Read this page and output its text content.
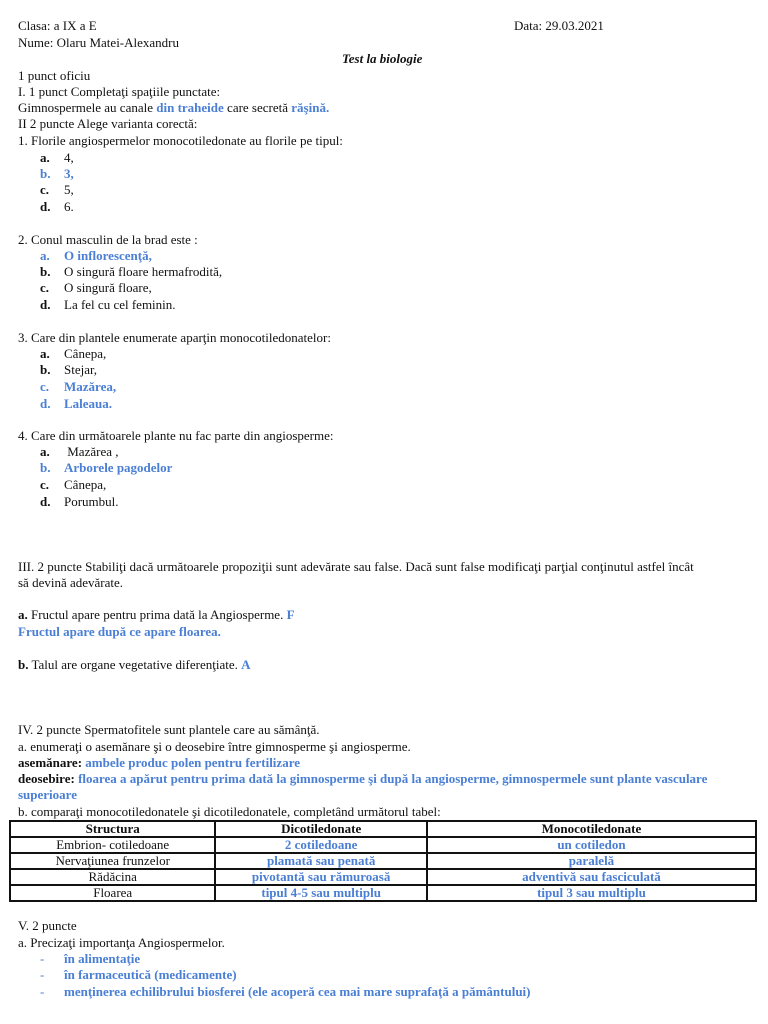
Clasa: a IX a E	Data: 29.03.2021
Nume: Olaru Matei-Alexandru
Test la biologie
1 punct oficiu
I. 1 punct Completaţi spaţiile punctate:
Gimnospermele au canale din traheide care secretă răşină.
II 2 puncte Alege varianta corectă:
1. Florile angiospermelor monocotiledonate au florile pe tipul:
a. 4,
b. 3,
c. 5,
d. 6.
2. Conul masculin de la brad este :
a. O inflorescenţă,
b. O singură floare hermafrodită,
c. O singură floare,
d. La fel cu cel feminin.
3. Care din plantele enumerate aparţin monocotiledonatelor:
a. Cânepa,
b. Stejar,
c. Mazărea,
d. Laleaua.
4. Care din următoarele plante nu fac parte din angiosperme:
a. Mazărea ,
b. Arborele pagodelor
c. Cânepa,
d. Porumbul.
III. 2 puncte Stabiliţi dacă următoarele propoziţii sunt adevărate sau false. Dacă sunt false modificaţi parţial conţinutul astfel încât
să devină adevărate.
a. Fructul apare pentru prima dată la Angiosperme. F
Fructul apare după ce apare floarea.
b. Talul are organe vegetative diferenţiate. A
IV. 2 puncte Spermatofitele sunt plantele care au sămânţă.
a. enumeraţi o asemănare şi o deosebire între gimnosperme şi angiosperme.
asemănare: ambele produc polen pentru fertilizare
deosebire: floarea a apărut pentru prima dată la gimnosperme şi după la angiosperme, gimnospermele sunt plante vasculare
superioare
b. comparaţi monocotiledonatele şi dicotiledonatele, completând următorul tabel:
Structura	Dicotiledonate	Monocotiledonate
Embrion- cotiledoane	2 cotiledoane	un cotiledon
Nervaţiunea frunzelor	plamată sau penată	paralelă
Rădăcina	pivotantă sau rămuroasă	adventivă sau fasciculată
Floarea	tipul 4-5 sau multiplu	tipul 3 sau multiplu
V. 2 puncte
a. Precizaţi importanţa Angiospermelor.
- în alimentaţie
- în farmaceutică (medicamente)
- menţinerea echilibrului biosferei (ele acoperă cea mai mare suprafaţă a pământului)
